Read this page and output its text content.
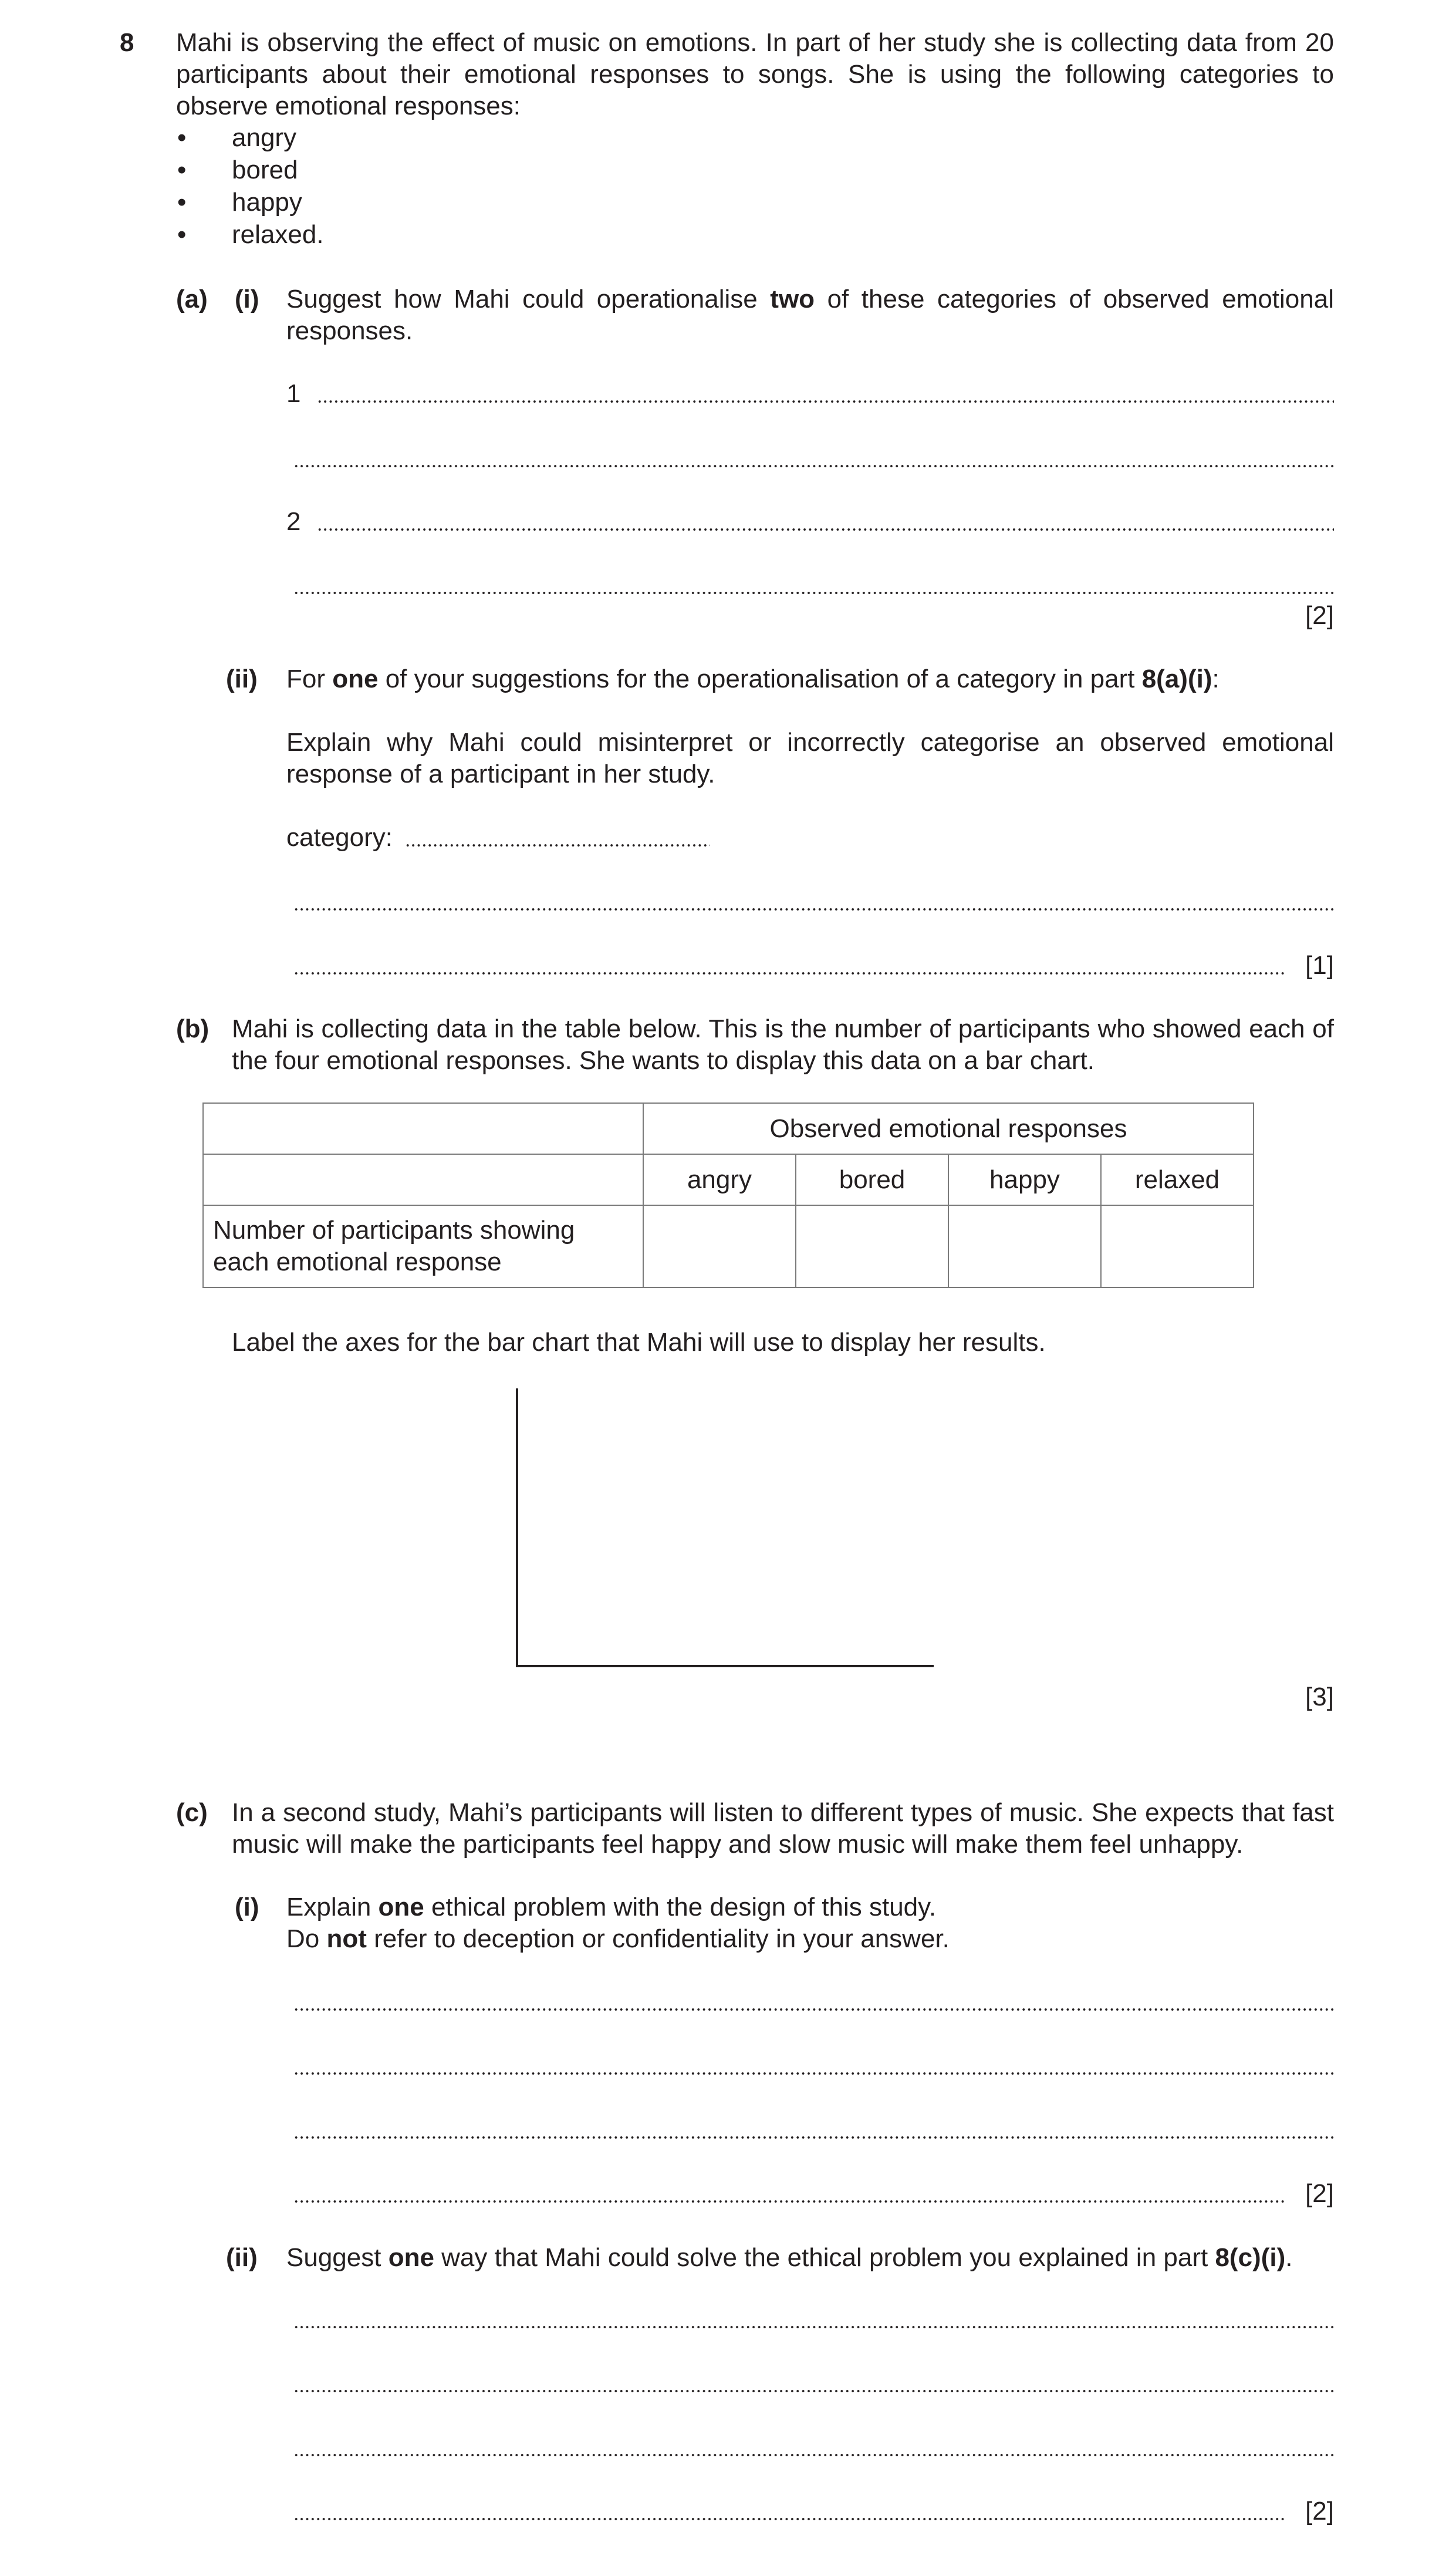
8 Mahi is observing the effect of music on emotions. In part of her study she is collecting data from 20 participants about their emotional responses to songs. She is using the following categories to observe emotional responses:
• angry
• bored
• happy
• relaxed.
(a) (i) Suggest how Mahi could operationalise two of these categories of observed emotional responses.
1
2
[2]
(ii) For one of your suggestions for the operationalisation of a category in part 8(a)(i):
Explain why Mahi could misinterpret or incorrectly categorise an observed emotional response of a participant in her study.
category:
[1]
(b) Mahi is collecting data in the table below. This is the number of participants who showed each of the four emotional responses. She wants to display this data on a bar chart.
	Observed emotional responses			
	angry	bored	happy	relaxed
Number of participants showing
each emotional response				
Label the axes for the bar chart that Mahi will use to display her results.
[3]
(c) In a second study, Mahi’s participants will listen to different types of music. She expects that fast music will make the participants feel happy and slow music will make them feel unhappy.
(i) Explain one ethical problem with the design of this study.
Do not refer to deception or confidentiality in your answer.
[2]
(ii) Suggest one way that Mahi could solve the ethical problem you explained in part 8(c)(i).
[2]
